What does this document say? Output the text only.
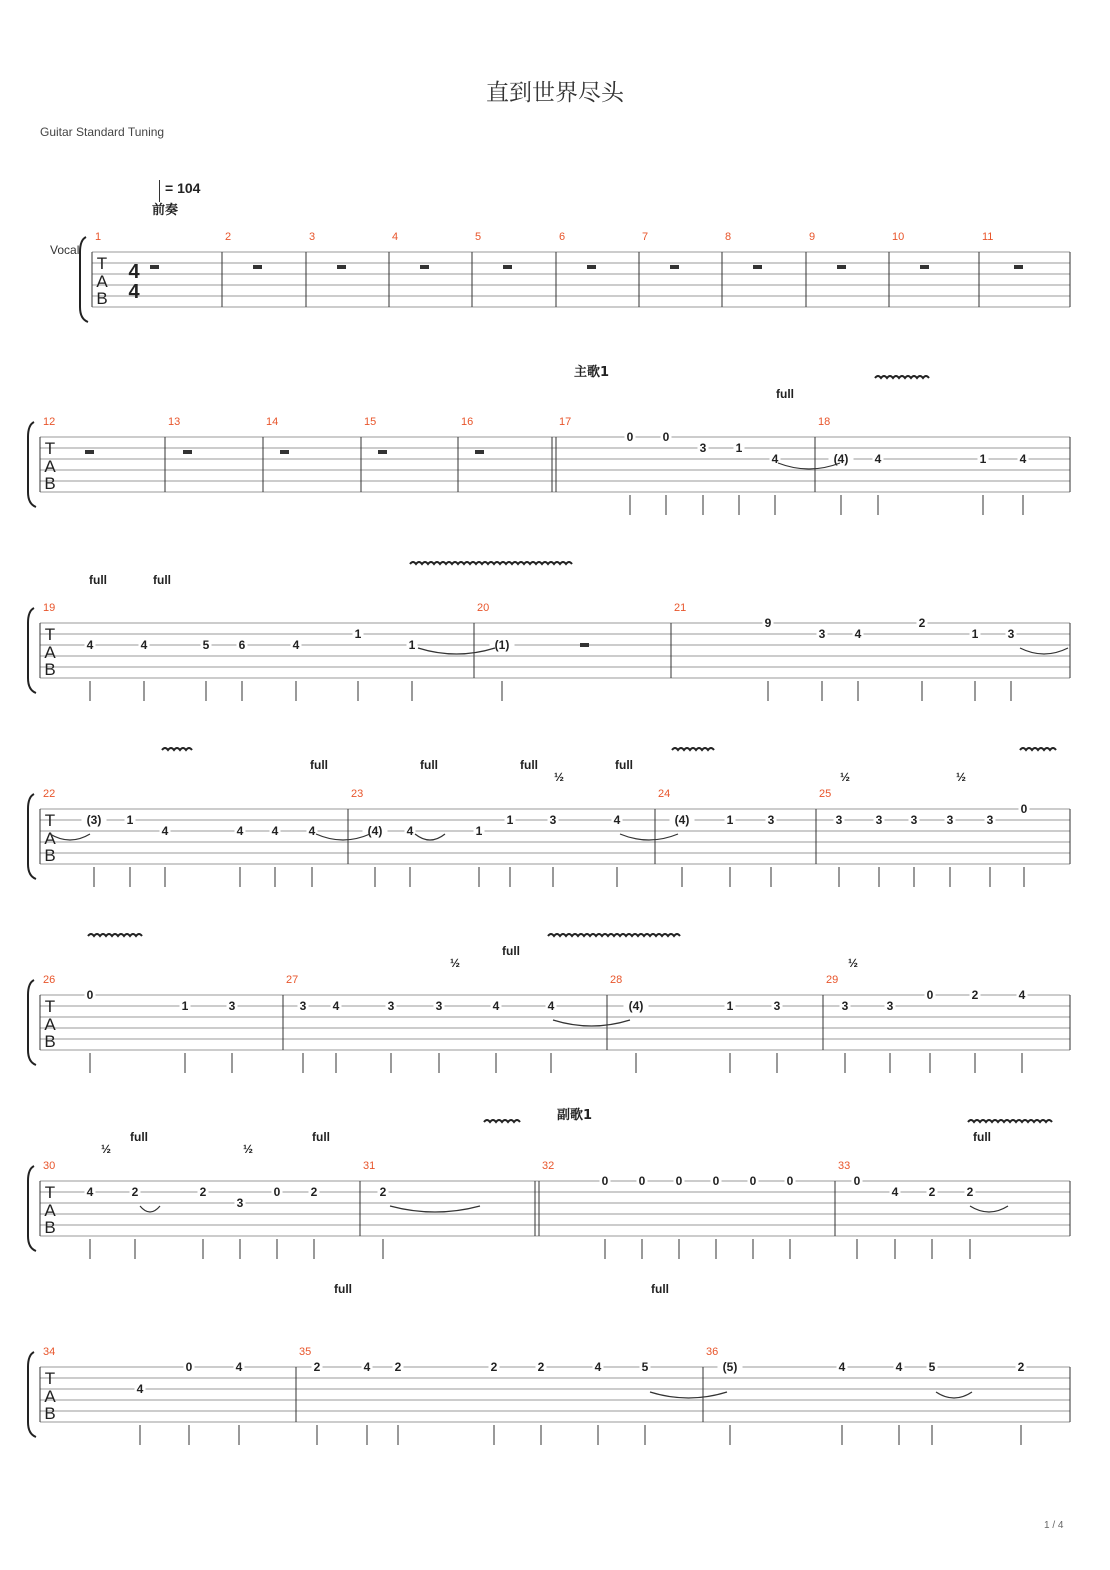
直到世界尽头
Guitar Standard Tuning
= 104
前奏
主歌1
副歌1
Vocal
1 / 4
T
A
B
4
4
1	2	3	4	5	6	7	8	9	10	11
T
A
B
12	13	14	15	16	17	18
T
A
B
19	20	21
T
A
B
22	23	24	25
T
A
B
26	27	28	29
T
A
B
30	31	32	33
T
A
B
34	35	36
0 0
3 1
4	(4) 4	1	4
4	4	5 6	4
1
1	(1)
9
3 4
2
1 3
(3) 1
4	4 4	4	(4) 4	1
1	3	4	(4)	1	3	3	3 3 3	3
0
0
1	3	3 4	3	3	4	4	(4)	1	3	3	3
0	2	4
4	2	2
3
0	2	2
0	0	0	0	0	0	0
4	2	2
4
0	4	2	4 2	2	2	4	5	(5)	4	4 5	2
full
full	full
full	full	full	full
½	½	½
½
full
½
½
full
½
full	full
full	full
